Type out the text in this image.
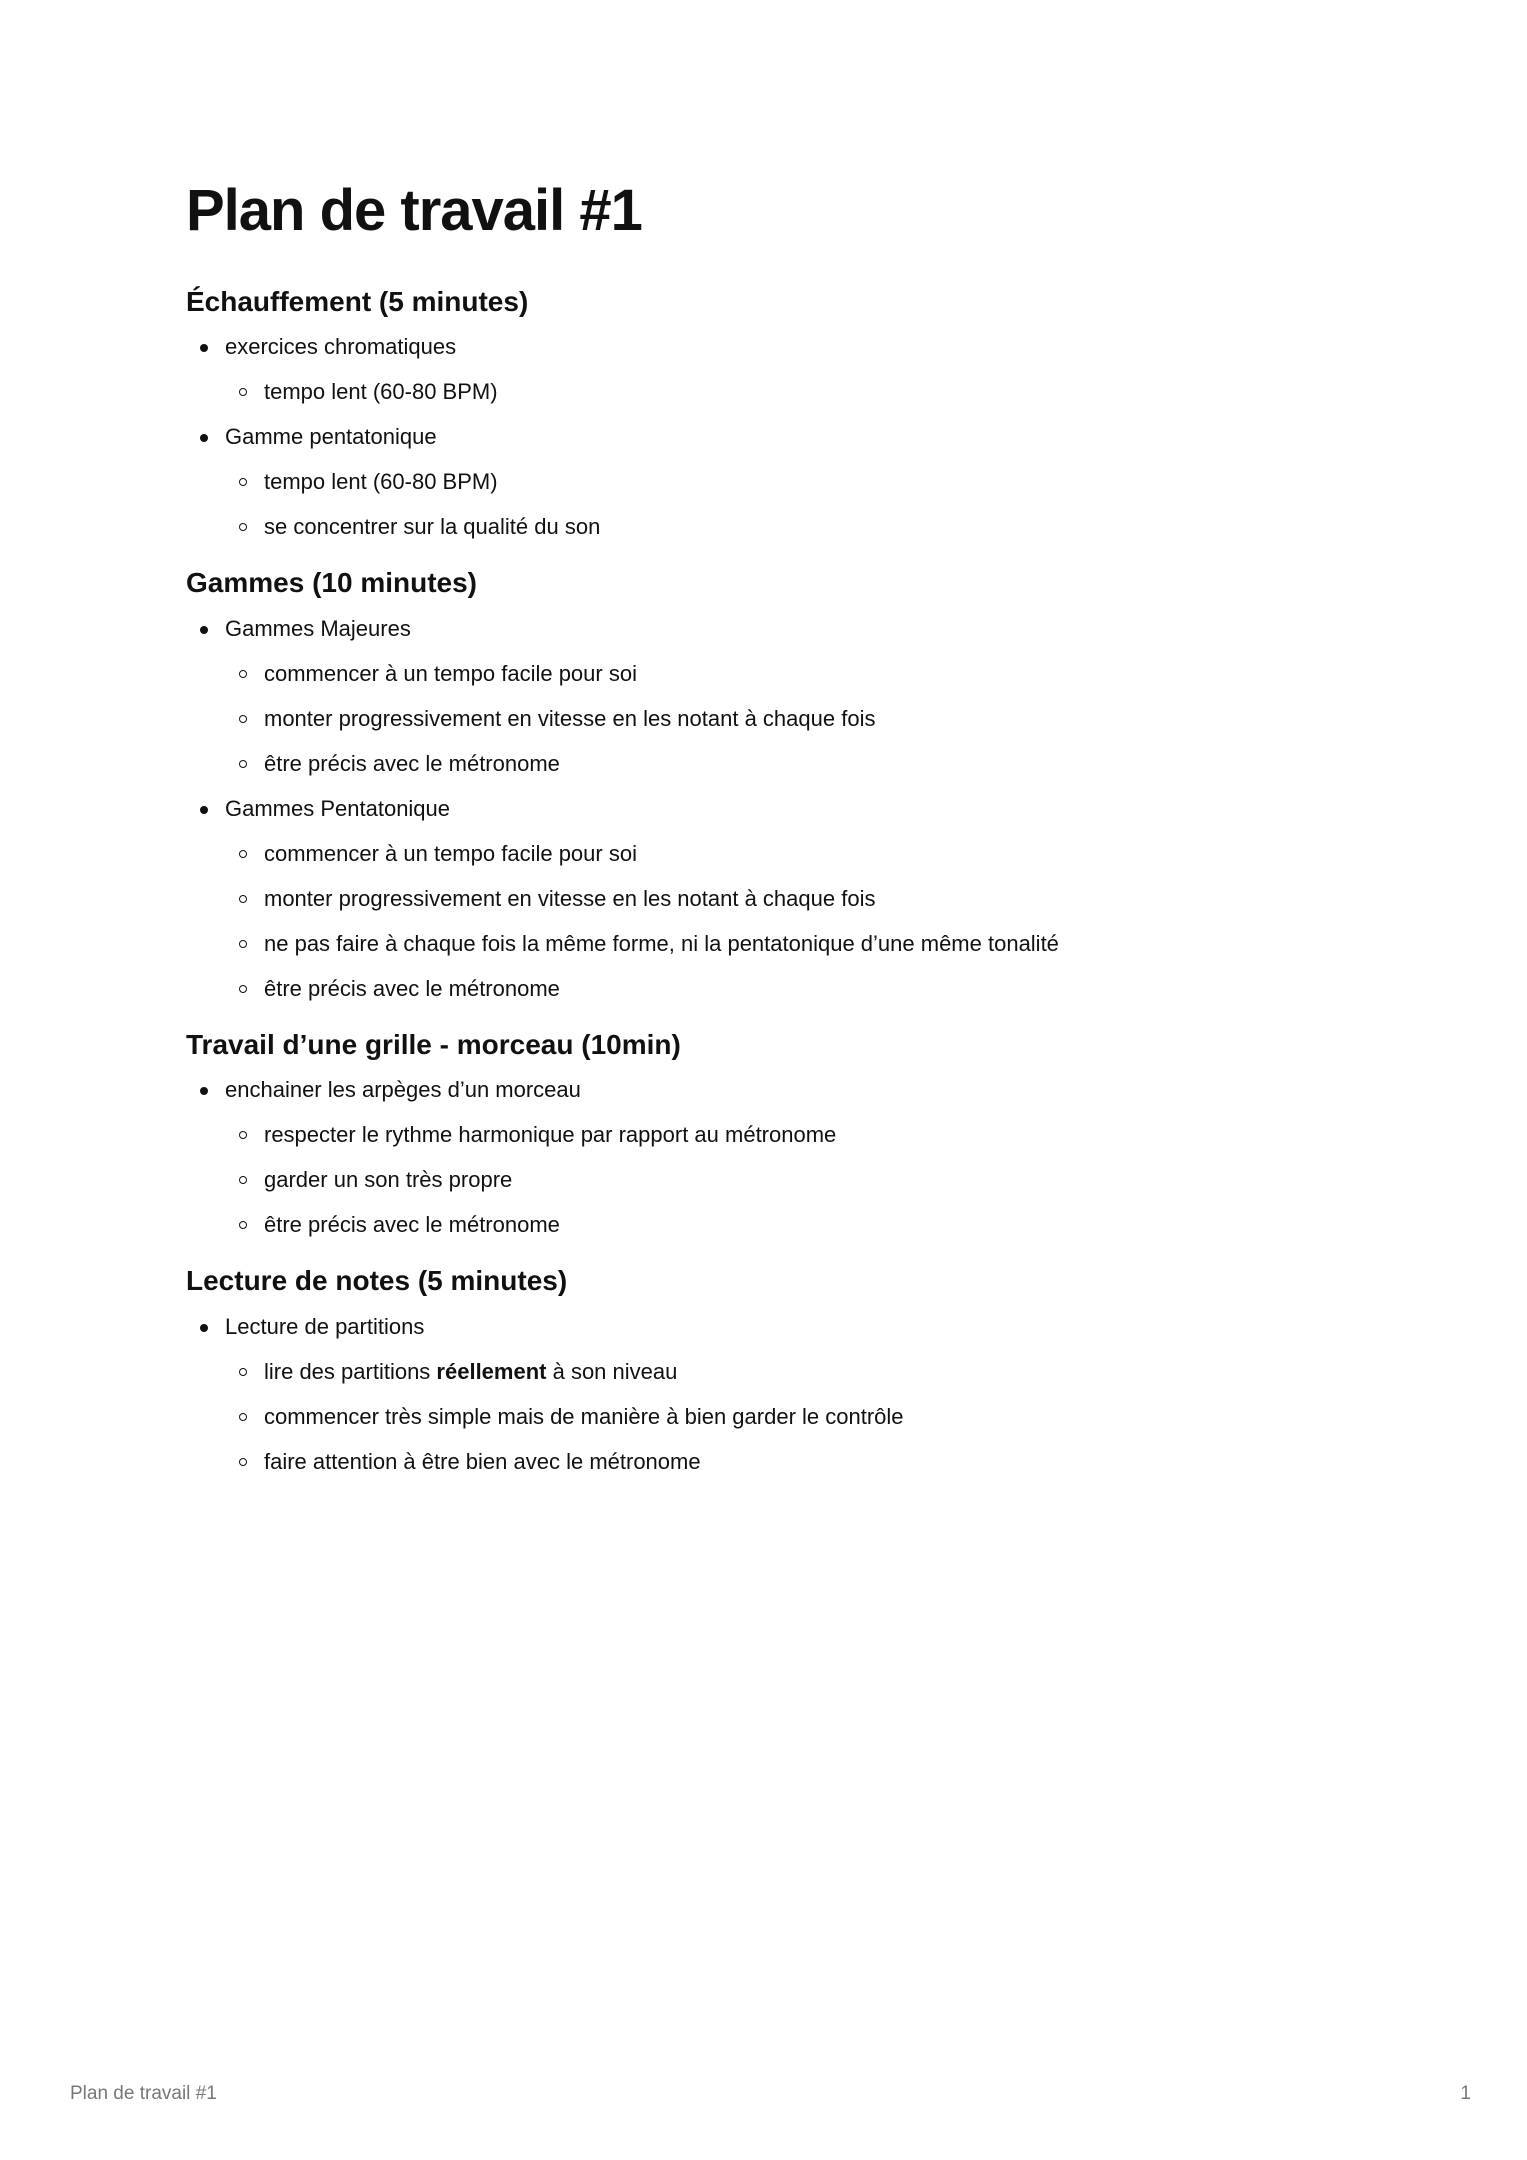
Plan de travail #1
Échauffement (5 minutes)
exercices chromatiques
tempo lent (60-80 BPM)
Gamme pentatonique
tempo lent (60-80 BPM)
se concentrer sur la qualité du son
Gammes (10 minutes)
Gammes Majeures
commencer à un tempo facile pour soi
monter progressivement en vitesse en les notant à chaque fois
être précis avec le métronome
Gammes Pentatonique
commencer à un tempo facile pour soi
monter progressivement en vitesse en les notant à chaque fois
ne pas faire à chaque fois la même forme, ni la pentatonique d’une même tonalité
être précis avec le métronome
Travail d’une grille - morceau (10min)
enchainer les arpèges d’un morceau
respecter le rythme harmonique par rapport au métronome
garder un son très propre
être précis avec le métronome
Lecture de notes (5 minutes)
Lecture de partitions
lire des partitions réellement à son niveau
commencer très simple mais de manière à bien garder le contrôle
faire attention à être bien avec le métronome
Plan de travail #1	1
